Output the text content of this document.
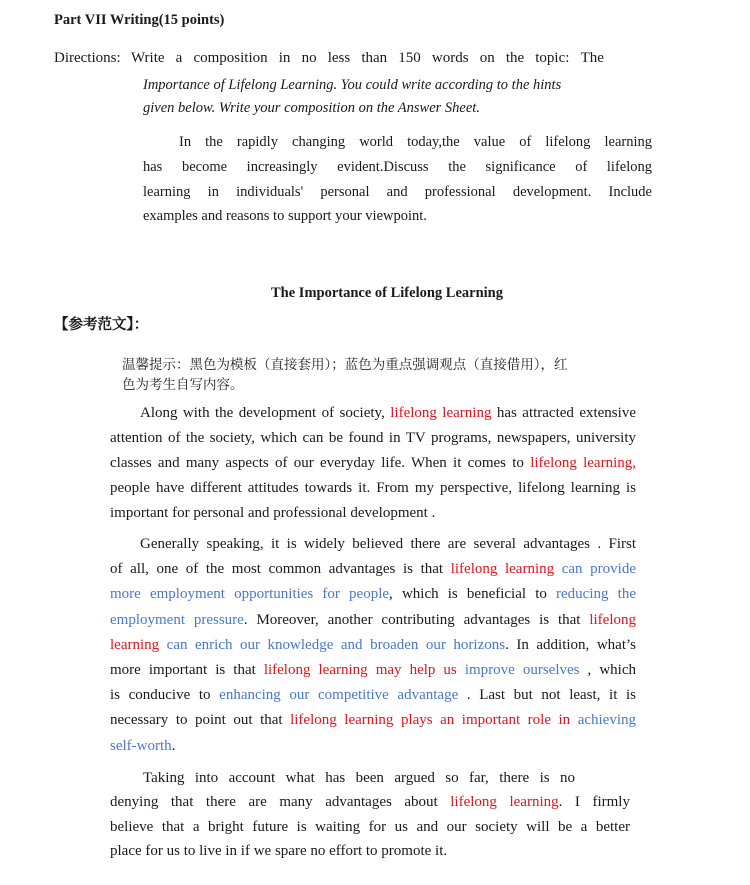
Part VII Writing(15 points)
Directions: Write a composition in no less than 150 words on the topic: The
Importance of Lifelong Learning. You could write according to the hints
given below. Write your composition on the Answer Sheet.
In the rapidly changing world today,the value of lifelong learning
has become increasingly evident.Discuss the significance of lifelong
learning in individuals' personal and professional development. Include
examples and reasons to support your viewpoint.
The Importance of Lifelong Learning
【参考范文】：
温馨提示：黑色为模板（直接套用）；蓝色为重点强调观点（直接借用），红
色为考生自写内容。
Along with the development of society, lifelong learning has attracted extensive
attention of the society, which can be found in TV programs, newspapers, university
classes and many aspects of our everyday life. When it comes to lifelong learning,
people have different attitudes towards it. From my perspective, lifelong learning is
important for personal and professional development .
Generally speaking, it is widely believed there are several advantages . First
of all, one of the most common advantages is that lifelong learning can provide
more employment opportunities for people, which is beneficial to reducing the
employment pressure. Moreover, another contributing advantages is that lifelong
learning can enrich our knowledge and broaden our horizons. In addition, what’s
more important is that lifelong learning may help us improve ourselves , which
is conducive to enhancing our competitive advantage . Last but not least, it is
necessary to point out that lifelong learning plays an important role in achieving
self-worth.
Taking into account what has been argued so far, there is no
denying that there are many advantages about lifelong learning. I firmly
believe that a bright future is waiting for us and our society will be a better
place for us to live in if we spare no effort to promote it.
